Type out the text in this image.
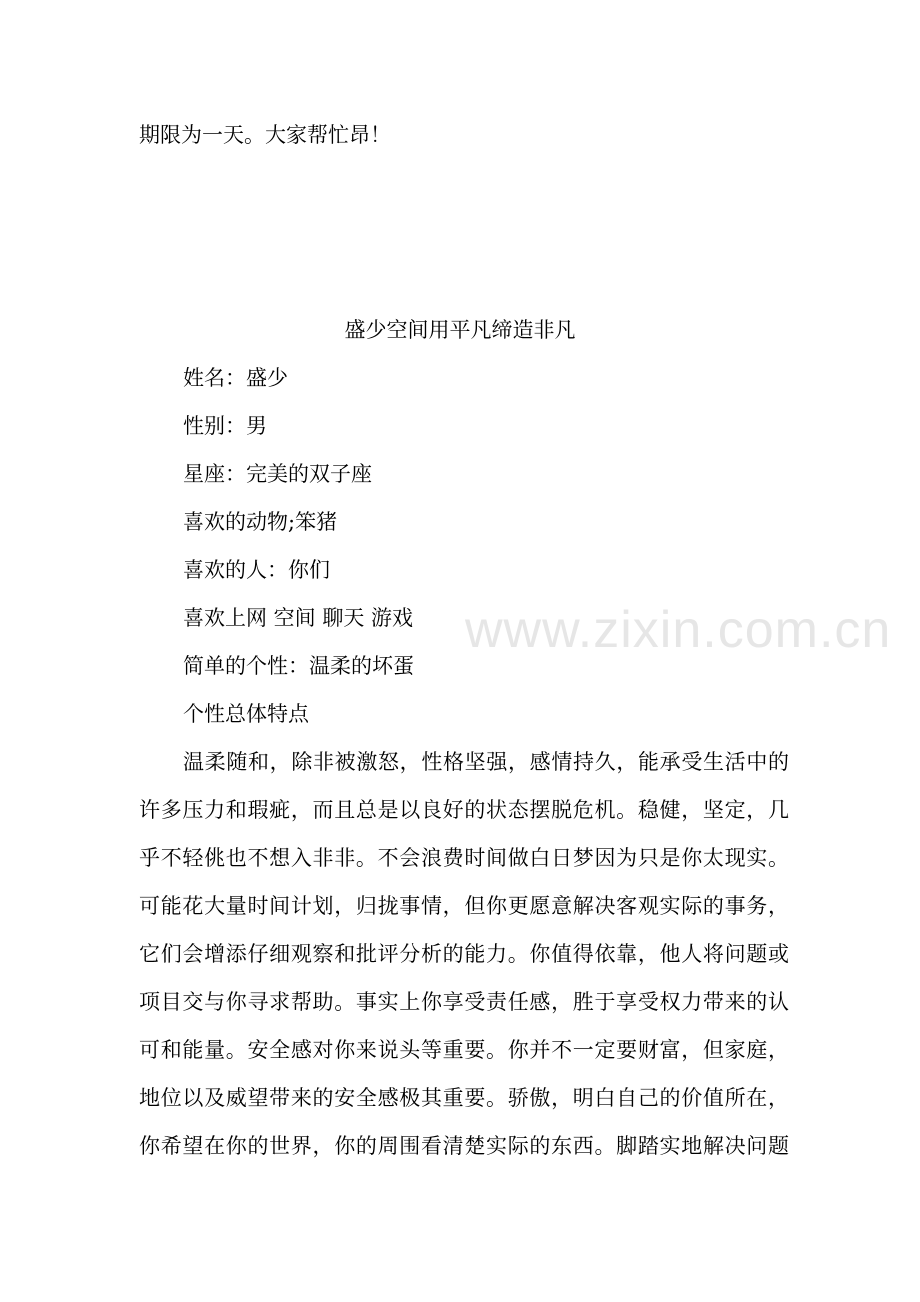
www.zixin.com.cn
期限为一天。大家帮忙昂！
盛少空间用平凡缔造非凡
姓名：盛少
性别：男
星座：完美的双子座
喜欢的动物;笨猪
喜欢的人：你们
喜欢上网 空间 聊天 游戏
简单的个性：温柔的坏蛋
个性总体特点
温柔随和，除非被激怒，性格坚强，感情持久，能承受生活中的
许多压力和瑕疵，而且总是以良好的状态摆脱危机。稳健，坚定，几
乎不轻佻也不想入非非。不会浪费时间做白日梦因为只是你太现实。
可能花大量时间计划，归拢事情，但你更愿意解决客观实际的事务，
它们会增添仔细观察和批评分析的能力。你值得依靠，他人将问题或
项目交与你寻求帮助。事实上你享受责任感，胜于享受权力带来的认
可和能量。安全感对你来说头等重要。你并不一定要财富，但家庭，
地位以及威望带来的安全感极其重要。骄傲，明白自己的价值所在，
你希望在你的世界，你的周围看清楚实际的东西。脚踏实地解决问题
